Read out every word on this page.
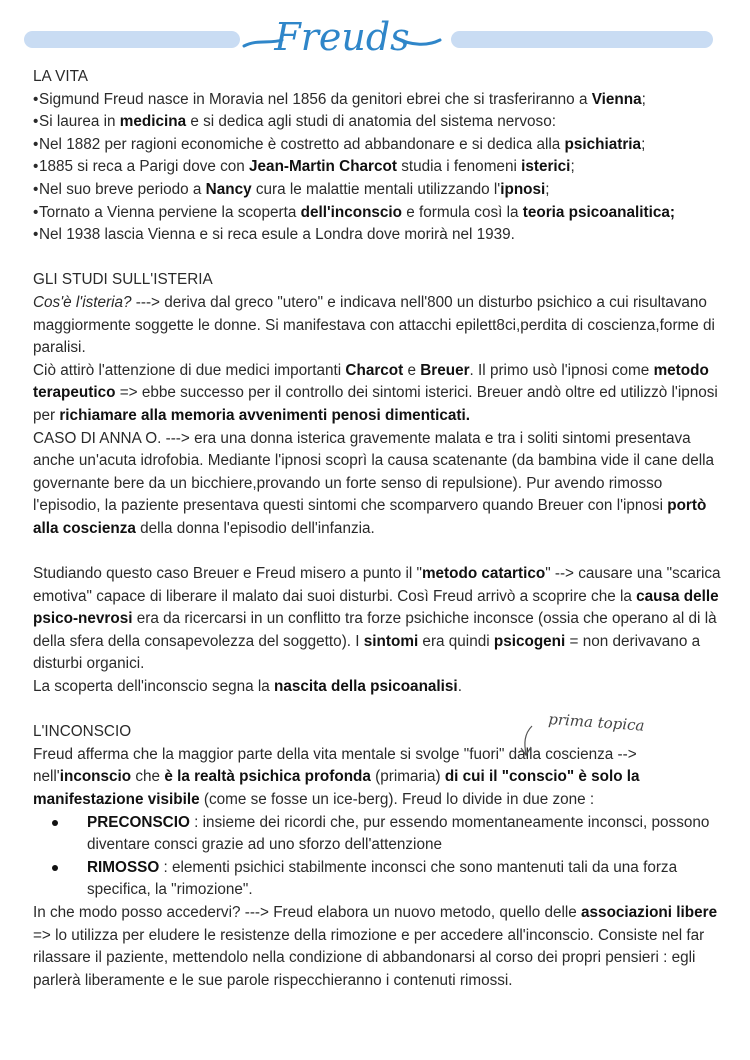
Freuds
LA VITA
• Sigmund Freud nasce in Moravia nel 1856 da genitori ebrei che si trasferiranno a Vienna;
• Si laurea in medicina e si dedica agli studi di anatomia del sistema nervoso:
• Nel 1882 per ragioni economiche è costretto ad abbandonare e si dedica alla psichiatria;
• 1885 si reca a Parigi dove con Jean-Martin Charcot studia i fenomeni isterici;
• Nel suo breve periodo a Nancy cura le malattie mentali utilizzando l'ipnosi;
• Tornato a Vienna perviene la scoperta dell'inconscio e formula così la teoria psicoanalitica;
• Nel 1938 lascia Vienna e si reca esule a Londra dove morirà nel 1939.
GLI STUDI SULL'ISTERIA
Cos'è l'isteria? ---> deriva dal greco "utero" e indicava nell'800 un disturbo psichico a cui risultavano maggiormente soggette le donne. Si manifestava con attacchi epilett8ci,perdita di coscienza,forme di paralisi.
Ciò attirò l'attenzione di due medici importanti Charcot e Breuer. Il primo usò l'ipnosi come metodo terapeutico => ebbe successo per il controllo dei sintomi isterici. Breuer andò oltre ed utilizzò l'ipnosi per richiamare alla memoria avvenimenti penosi dimenticati.
CASO DI ANNA O. ---> era una donna isterica gravemente malata e tra i soliti sintomi presentava anche un'acuta idrofobia. Mediante l'ipnosi scoprì la causa scatenante (da bambina vide il cane della governante bere da un bicchiere,provando un forte senso di repulsione). Pur avendo rimosso l'episodio, la paziente presentava questi sintomi che scomparvero quando Breuer con l'ipnosi portò alla coscienza della donna l'episodio dell'infanzia.
Studiando questo caso Breuer e Freud misero a punto il "metodo catartico" --> causare una "scarica emotiva" capace di liberare il malato dai suoi disturbi. Così Freud arrivò a scoprire che la causa delle psico-nevrosi era da ricercarsi in un conflitto tra forze psichiche inconsce (ossia che operano al di là della sfera della consapevolezza del soggetto). I sintomi era quindi psicogeni = non derivavano a disturbi organici.
La scoperta dell'inconscio segna la nascita della psicoanalisi.
L'INCONSCIO
Freud afferma che la maggior parte della vita mentale si svolge "fuori" dalla coscienza --> nell'inconscio che è la realtà psichica profonda (primaria) di cui il "conscio" è solo la manifestazione visibile (come se fosse un ice-berg). Freud lo divide in due zone :
PRECONSCIO : insieme dei ricordi che, pur essendo momentaneamente inconsci, possono diventare consci grazie ad uno sforzo dell'attenzione
RIMOSSO : elementi psichici stabilmente inconsci che sono mantenuti tali da una forza specifica, la "rimozione".
In che modo posso accedervi? ---> Freud elabora un nuovo metodo, quello delle associazioni libere => lo utilizza per eludere le resistenze della rimozione e per accedere all'inconscio. Consiste nel far rilassare il paziente, mettendolo nella condizione di abbandonarsi al corso dei propri pensieri : egli parlerà liberamente e le sue parole rispecchieranno i contenuti rimossi.
prima topica
